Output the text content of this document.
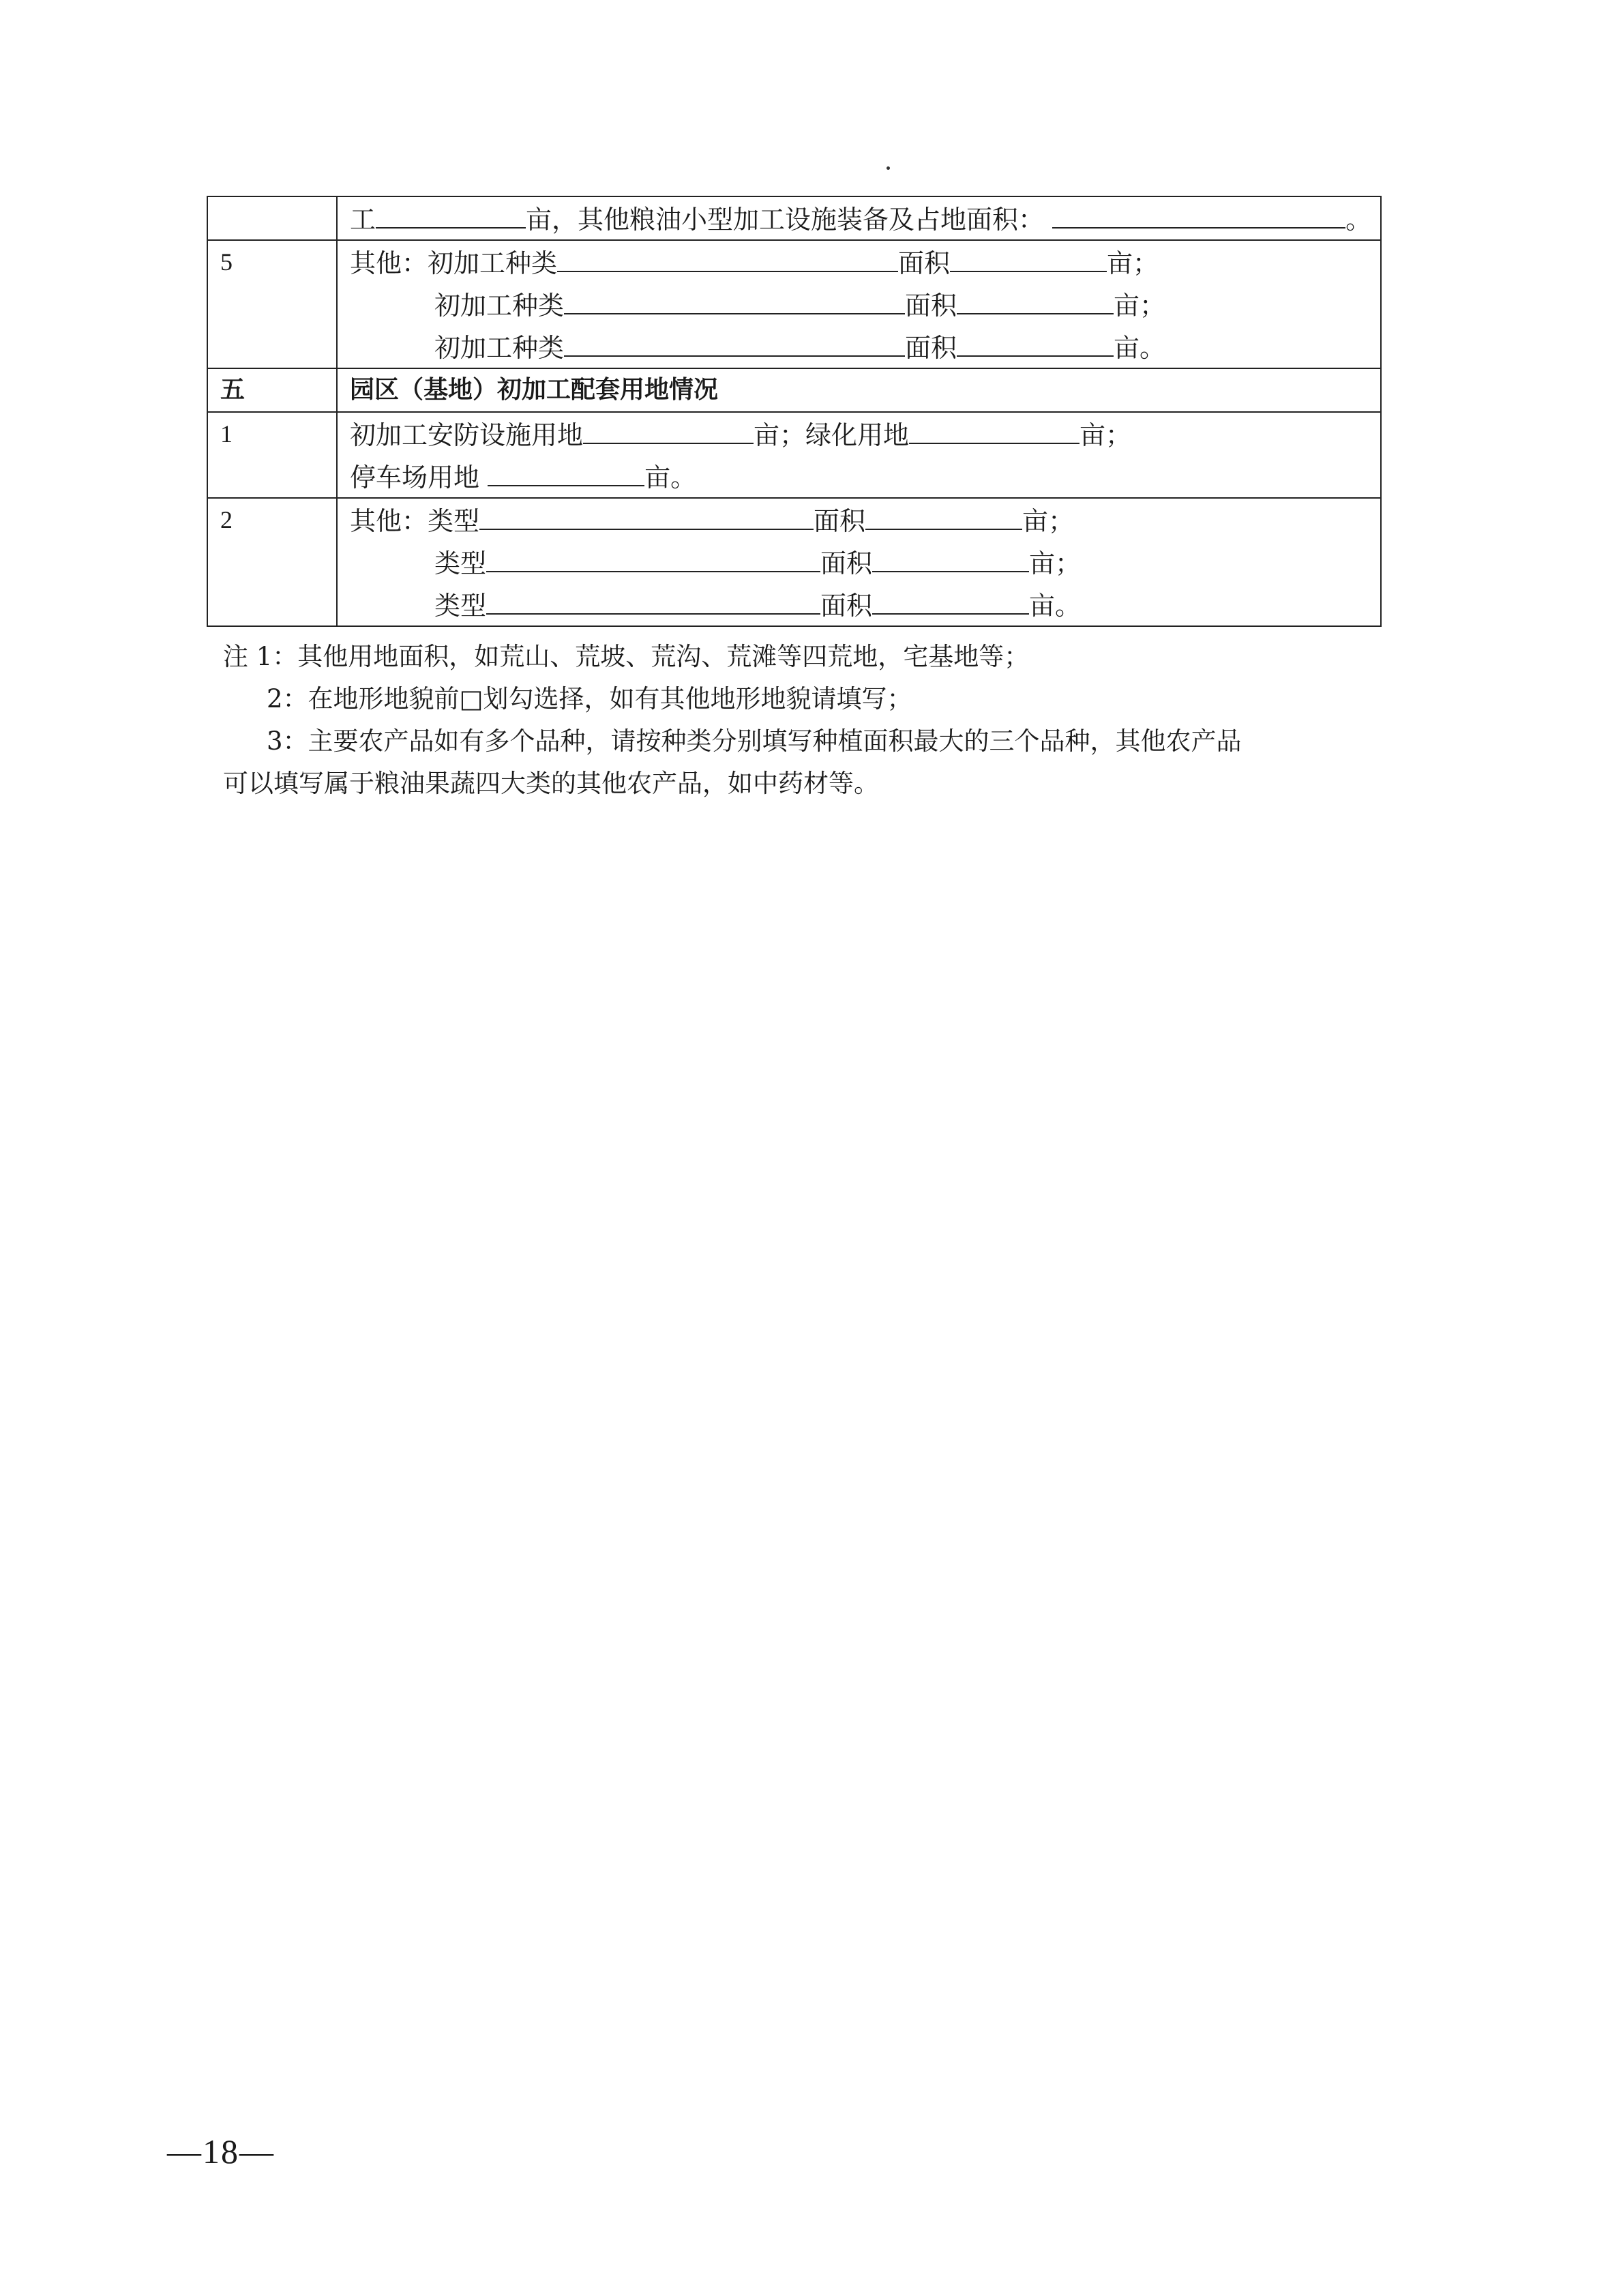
	工 亩，其他粮油小型加工设施装备及占地面积： 。

5	其他：初加工种类 面积 亩；
初加工种类 面积 亩；
初加工种类 面积 亩。

五	园区（基地）初加工配套用地情况
1	初加工安防设施用地 亩；绿化用地 亩；
停车场用地 亩。

2	其他：类型 面积 亩；
类型 面积 亩；
类型 面积 亩。
注 1：其他用地面积，如荒山、荒坡、荒沟、荒滩等四荒地，宅基地等；
2：在地形地貌前□划勾选择，如有其他地形地貌请填写；
3：主要农产品如有多个品种，请按种类分别填写种植面积最大的三个品种，其他农产品
可以填写属于粮油果蔬四大类的其他农产品，如中药材等。
—18—
